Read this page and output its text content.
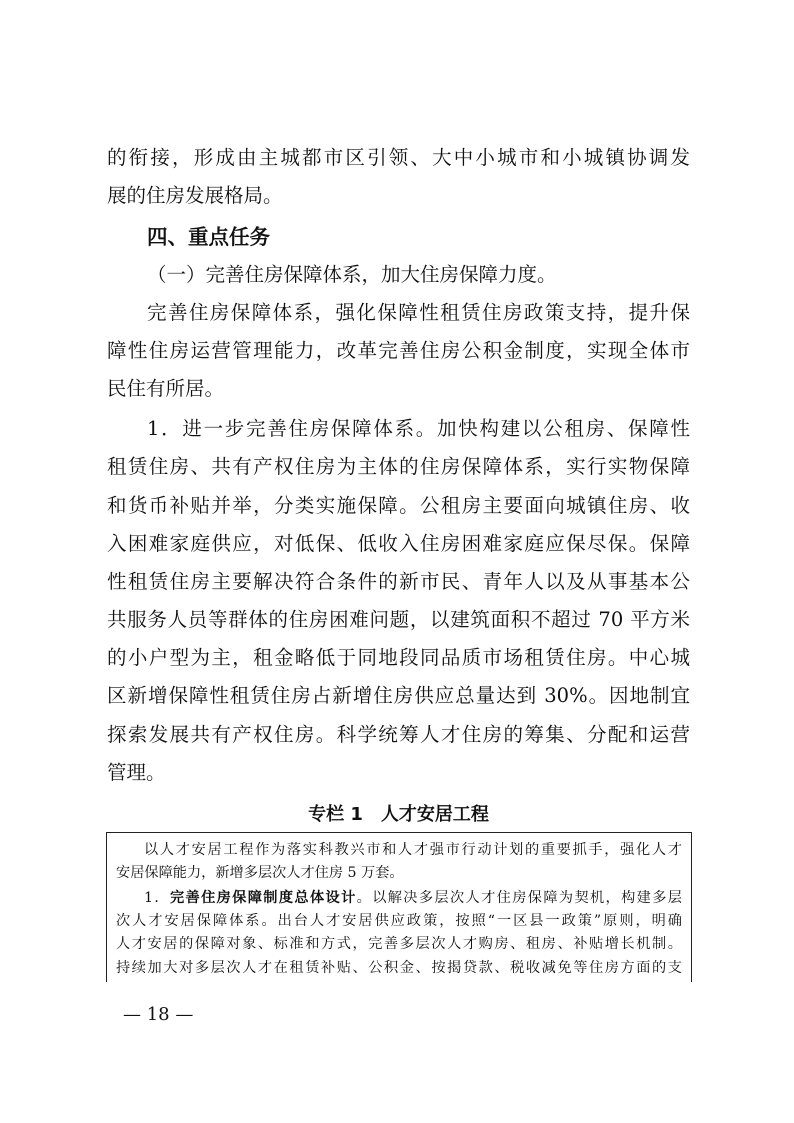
的衔接，形成由主城都市区引领、大中小城市和小城镇协调发
展的住房发展格局。
四、重点任务
（一）完善住房保障体系，加大住房保障力度。
完善住房保障体系，强化保障性租赁住房政策支持，提升保
障性住房运营管理能力，改革完善住房公积金制度，实现全体市
民住有所居。
1．进一步完善住房保障体系。加快构建以公租房、保障性
租赁住房、共有产权住房为主体的住房保障体系，实行实物保障
和货币补贴并举，分类实施保障。公租房主要面向城镇住房、收
入困难家庭供应，对低保、低收入住房困难家庭应保尽保。保障
性租赁住房主要解决符合条件的新市民、青年人以及从事基本公
共服务人员等群体的住房困难问题，以建筑面积不超过 70 平方米
的小户型为主，租金略低于同地段同品质市场租赁住房。中心城
区新增保障性租赁住房占新增住房供应总量达到 30%。因地制宜
探索发展共有产权住房。科学统筹人才住房的筹集、分配和运营
管理。
专栏 1　人才安居工程
以人才安居工程作为落实科教兴市和人才强市行动计划的重要抓手，强化人才
安居保障能力，新增多层次人才住房 5 万套。
1．完善住房保障制度总体设计。以解决多层次人才住房保障为契机，构建多层
次人才安居保障体系。出台人才安居供应政策，按照“一区县一政策”原则，明确
人才安居的保障对象、标准和方式，完善多层次人才购房、租房、补贴增长机制。
持续加大对多层次人才在租赁补贴、公积金、按揭贷款、税收减免等住房方面的支
— 18 —
